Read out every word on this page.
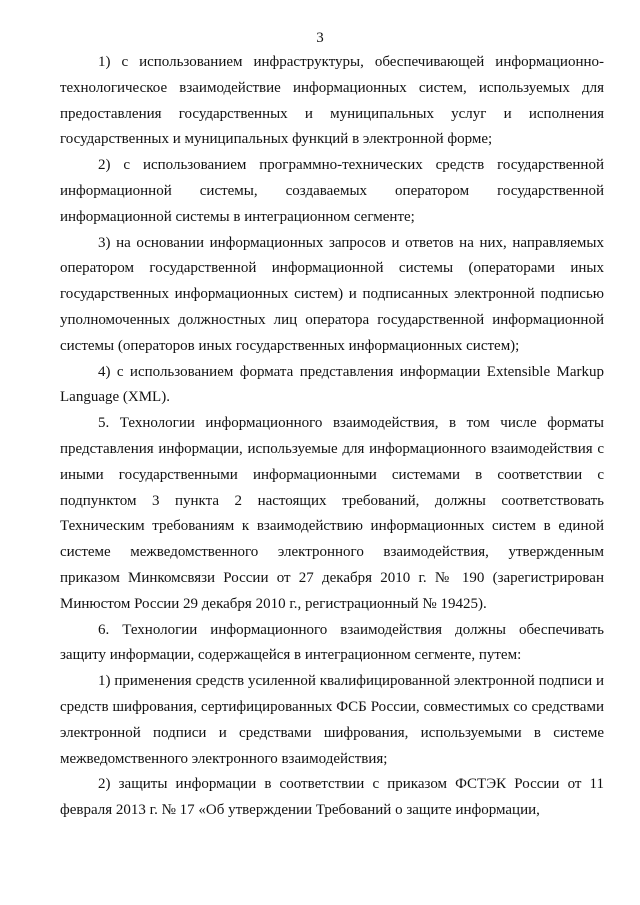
3

1) с использованием инфраструктуры, обеспечивающей информационно-технологическое взаимодействие информационных систем, используемых для предоставления государственных и муниципальных услуг и исполнения государственных и муниципальных функций в электронной форме;

2) с использованием программно-технических средств государственной информационной системы, создаваемых оператором государственной информационной системы в интеграционном сегменте;

3) на основании информационных запросов и ответов на них, направляемых оператором государственной информационной системы (операторами иных государственных информационных систем) и подписанных электронной подписью уполномоченных должностных лиц оператора государственной информационной системы (операторов иных государственных информационных систем);

4) с использованием формата представления информации Extensible Markup Language (XML).

5. Технологии информационного взаимодействия, в том числе форматы представления информации, используемые для информационного взаимодействия с иными государственными информационными системами в соответствии с подпунктом 3 пункта 2 настоящих требований, должны соответствовать Техническим требованиям к взаимодействию информационных систем в единой системе межведомственного электронного взаимодействия, утвержденным приказом Минкомсвязи России от 27 декабря 2010 г. № 190 (зарегистрирован Минюстом России 29 декабря 2010 г., регистрационный № 19425).

6. Технологии информационного взаимодействия должны обеспечивать защиту информации, содержащейся в интеграционном сегменте, путем:

1) применения средств усиленной квалифицированной электронной подписи и средств шифрования, сертифицированных ФСБ России, совместимых со средствами электронной подписи и средствами шифрования, используемыми в системе межведомственного электронного взаимодействия;

2) защиты информации в соответствии с приказом ФСТЭК России от 11 февраля 2013 г. № 17 «Об утверждении Требований о защите информации,
